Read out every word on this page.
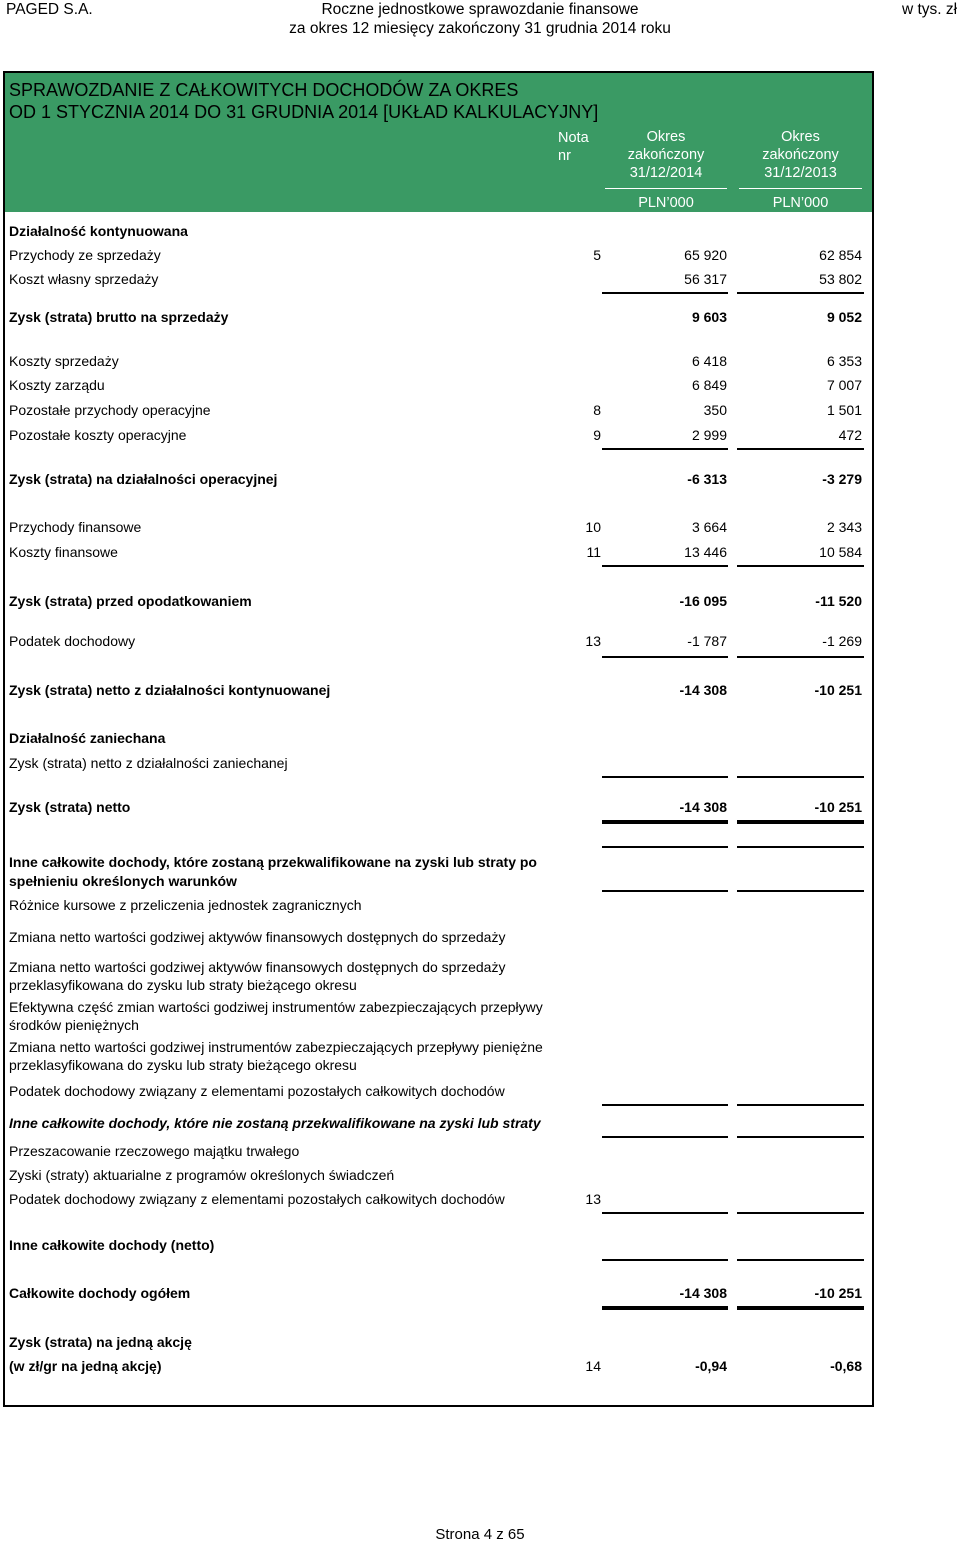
PAGED S.A.	Roczne jednostkowe sprawozdanie finansowe
za okres 12 miesięcy zakończony 31 grudnia 2014 roku
w tys. zł
SPRAWOZDANIE Z CAŁKOWITYCH DOCHODÓW ZA OKRES
OD 1 STYCZNIA 2014 DO 31 GRUDNIA 2014 [UKŁAD KALKULACYJNY]
Nota
nr
Okres
zakończony
31/12/2014
Okres
zakończony
31/12/2013
PLN’000	PLN’000
Działalność kontynuowana
Przychody ze sprzedaży	5	65 920	62 854
Koszt własny sprzedaży	56 317	53 802
Zysk (strata) brutto na sprzedaży	9 603	9 052
Koszty sprzedaży	6 418	6 353
Koszty zarządu	6 849	7 007
Pozostałe przychody operacyjne	8	350	1 501
Pozostałe koszty operacyjne	9	2 999	472
Zysk (strata) na działalności operacyjnej	-6 313	-3 279
Przychody finansowe	10	3 664	2 343
Koszty finansowe	11	13 446	10 584
Zysk (strata) przed opodatkowaniem	-16 095	-11 520
Podatek dochodowy	13	-1 787	-1 269
Zysk (strata) netto z działalności kontynuowanej	-14 308	-10 251
Działalność zaniechana
Zysk (strata) netto z działalności zaniechanej
Zysk (strata) netto	-14 308	-10 251
Inne całkowite dochody, które zostaną przekwalifikowane na zyski lub straty po
spełnieniu określonych warunków
Różnice kursowe z przeliczenia jednostek zagranicznych
Zmiana netto wartości godziwej aktywów finansowych dostępnych do sprzedaży
Zmiana netto wartości godziwej aktywów finansowych dostępnych do sprzedaży
przeklasyfikowana do zysku lub straty bieżącego okresu
Efektywna część zmian wartości godziwej instrumentów zabezpieczających przepływy
środków pieniężnych
Zmiana netto wartości godziwej instrumentów zabezpieczających przepływy pieniężne
przeklasyfikowana do zysku lub straty bieżącego okresu
Podatek dochodowy związany z elementami pozostałych całkowitych dochodów
Inne całkowite dochody, które nie zostaną przekwalifikowane na zyski lub straty
Przeszacowanie rzeczowego majątku trwałego
Zyski (straty) aktuarialne z programów określonych świadczeń
Podatek dochodowy związany z elementami pozostałych całkowitych dochodów	13
Inne całkowite dochody (netto)
Całkowite dochody ogółem	-14 308	-10 251
Zysk (strata) na jedną akcję
(w zł/gr na jedną akcję)	14	-0,94	-0,68
Strona 4 z 65
